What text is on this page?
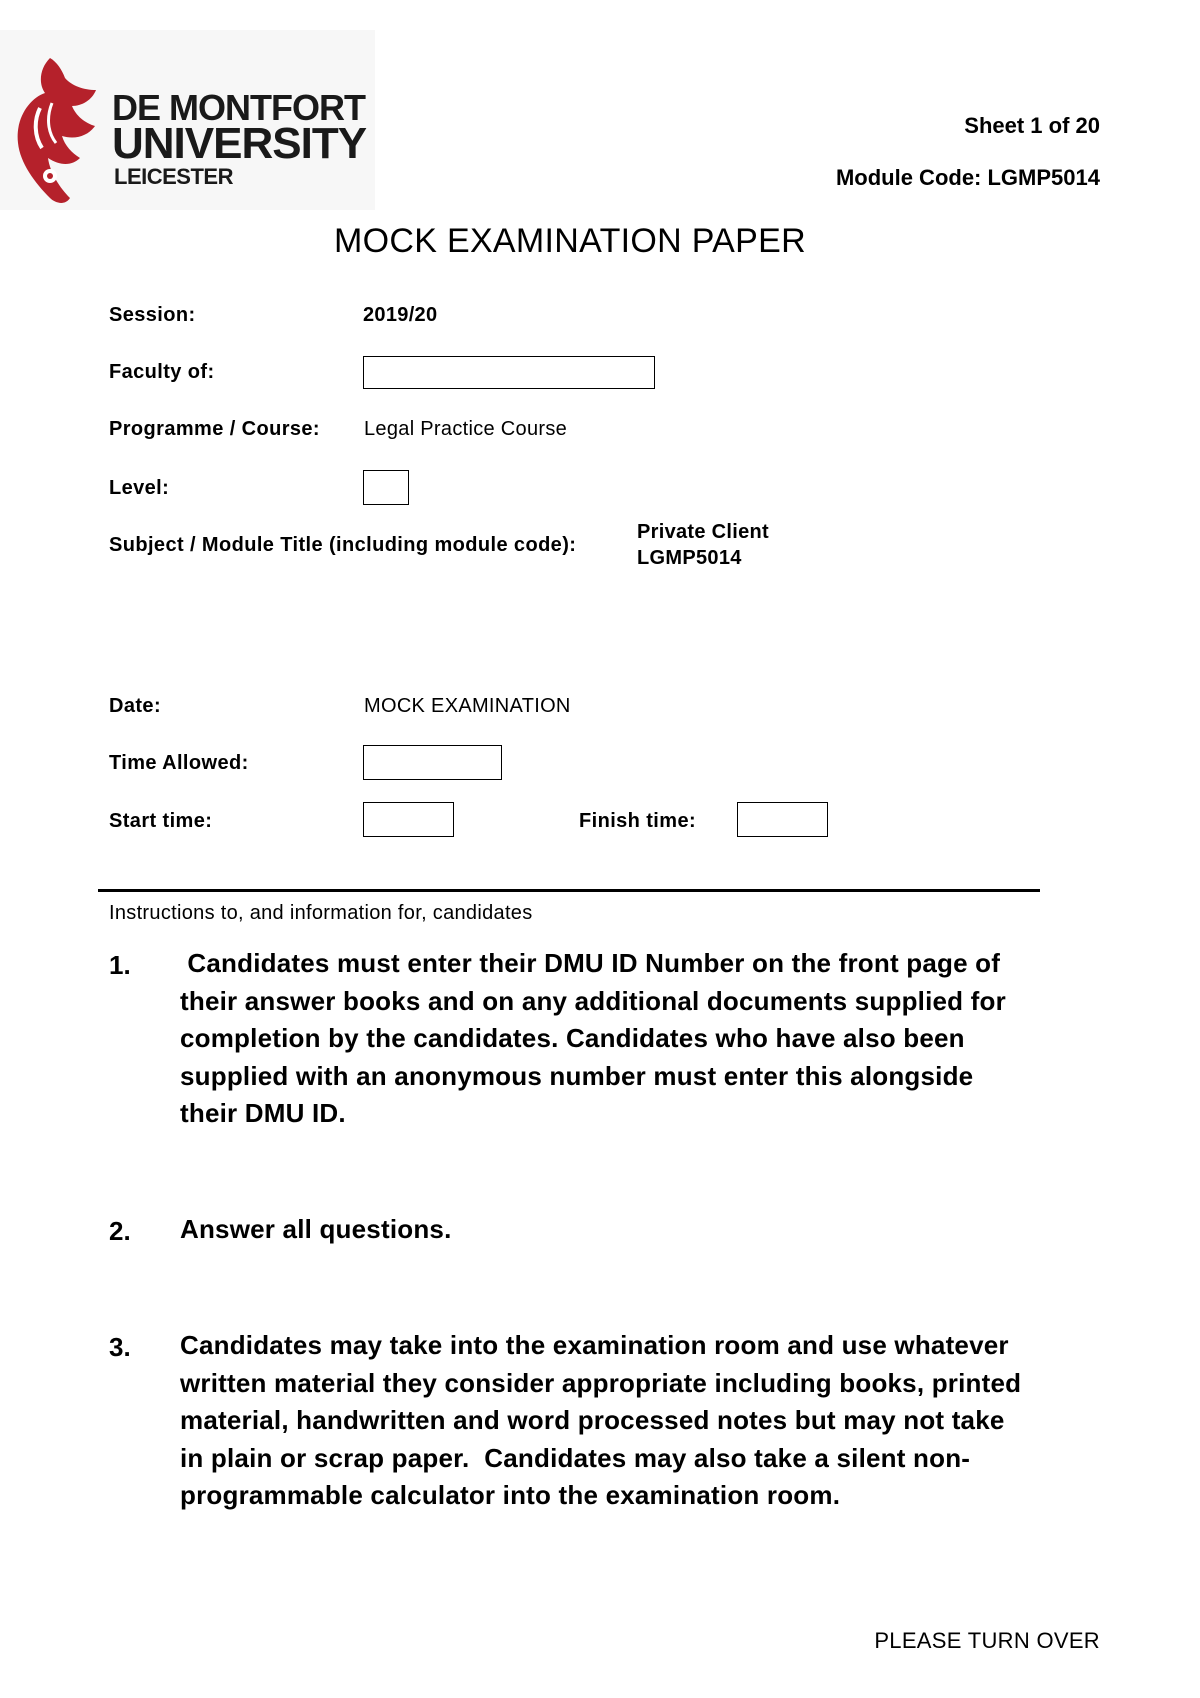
DE MONTFORT
UNIVERSITY
LEICESTER
Sheet 1 of 20
Module Code: LGMP5014
MOCK EXAMINATION PAPER
Session:	2019/20
Faculty of:
Programme / Course: Legal Practice Course
Level:
Subject / Module Title (including module code):
Private Client
LGMP5014
Date:	MOCK EXAMINATION
Time Allowed:
Start time:	Finish time:
Instructions to, and information for, candidates
1. Candidates must enter their DMU ID Number on the front page of
their answer books and on any additional documents supplied for
completion by the candidates. Candidates who have also been
supplied with an anonymous number must enter this alongside
their DMU ID.
2. Answer all questions.
3. Candidates may take into the examination room and use whatever
written material they consider appropriate including books, printed
material, handwritten and word processed notes but may not take
in plain or scrap paper.  Candidates may also take a silent non-
programmable calculator into the examination room.
PLEASE TURN OVER
